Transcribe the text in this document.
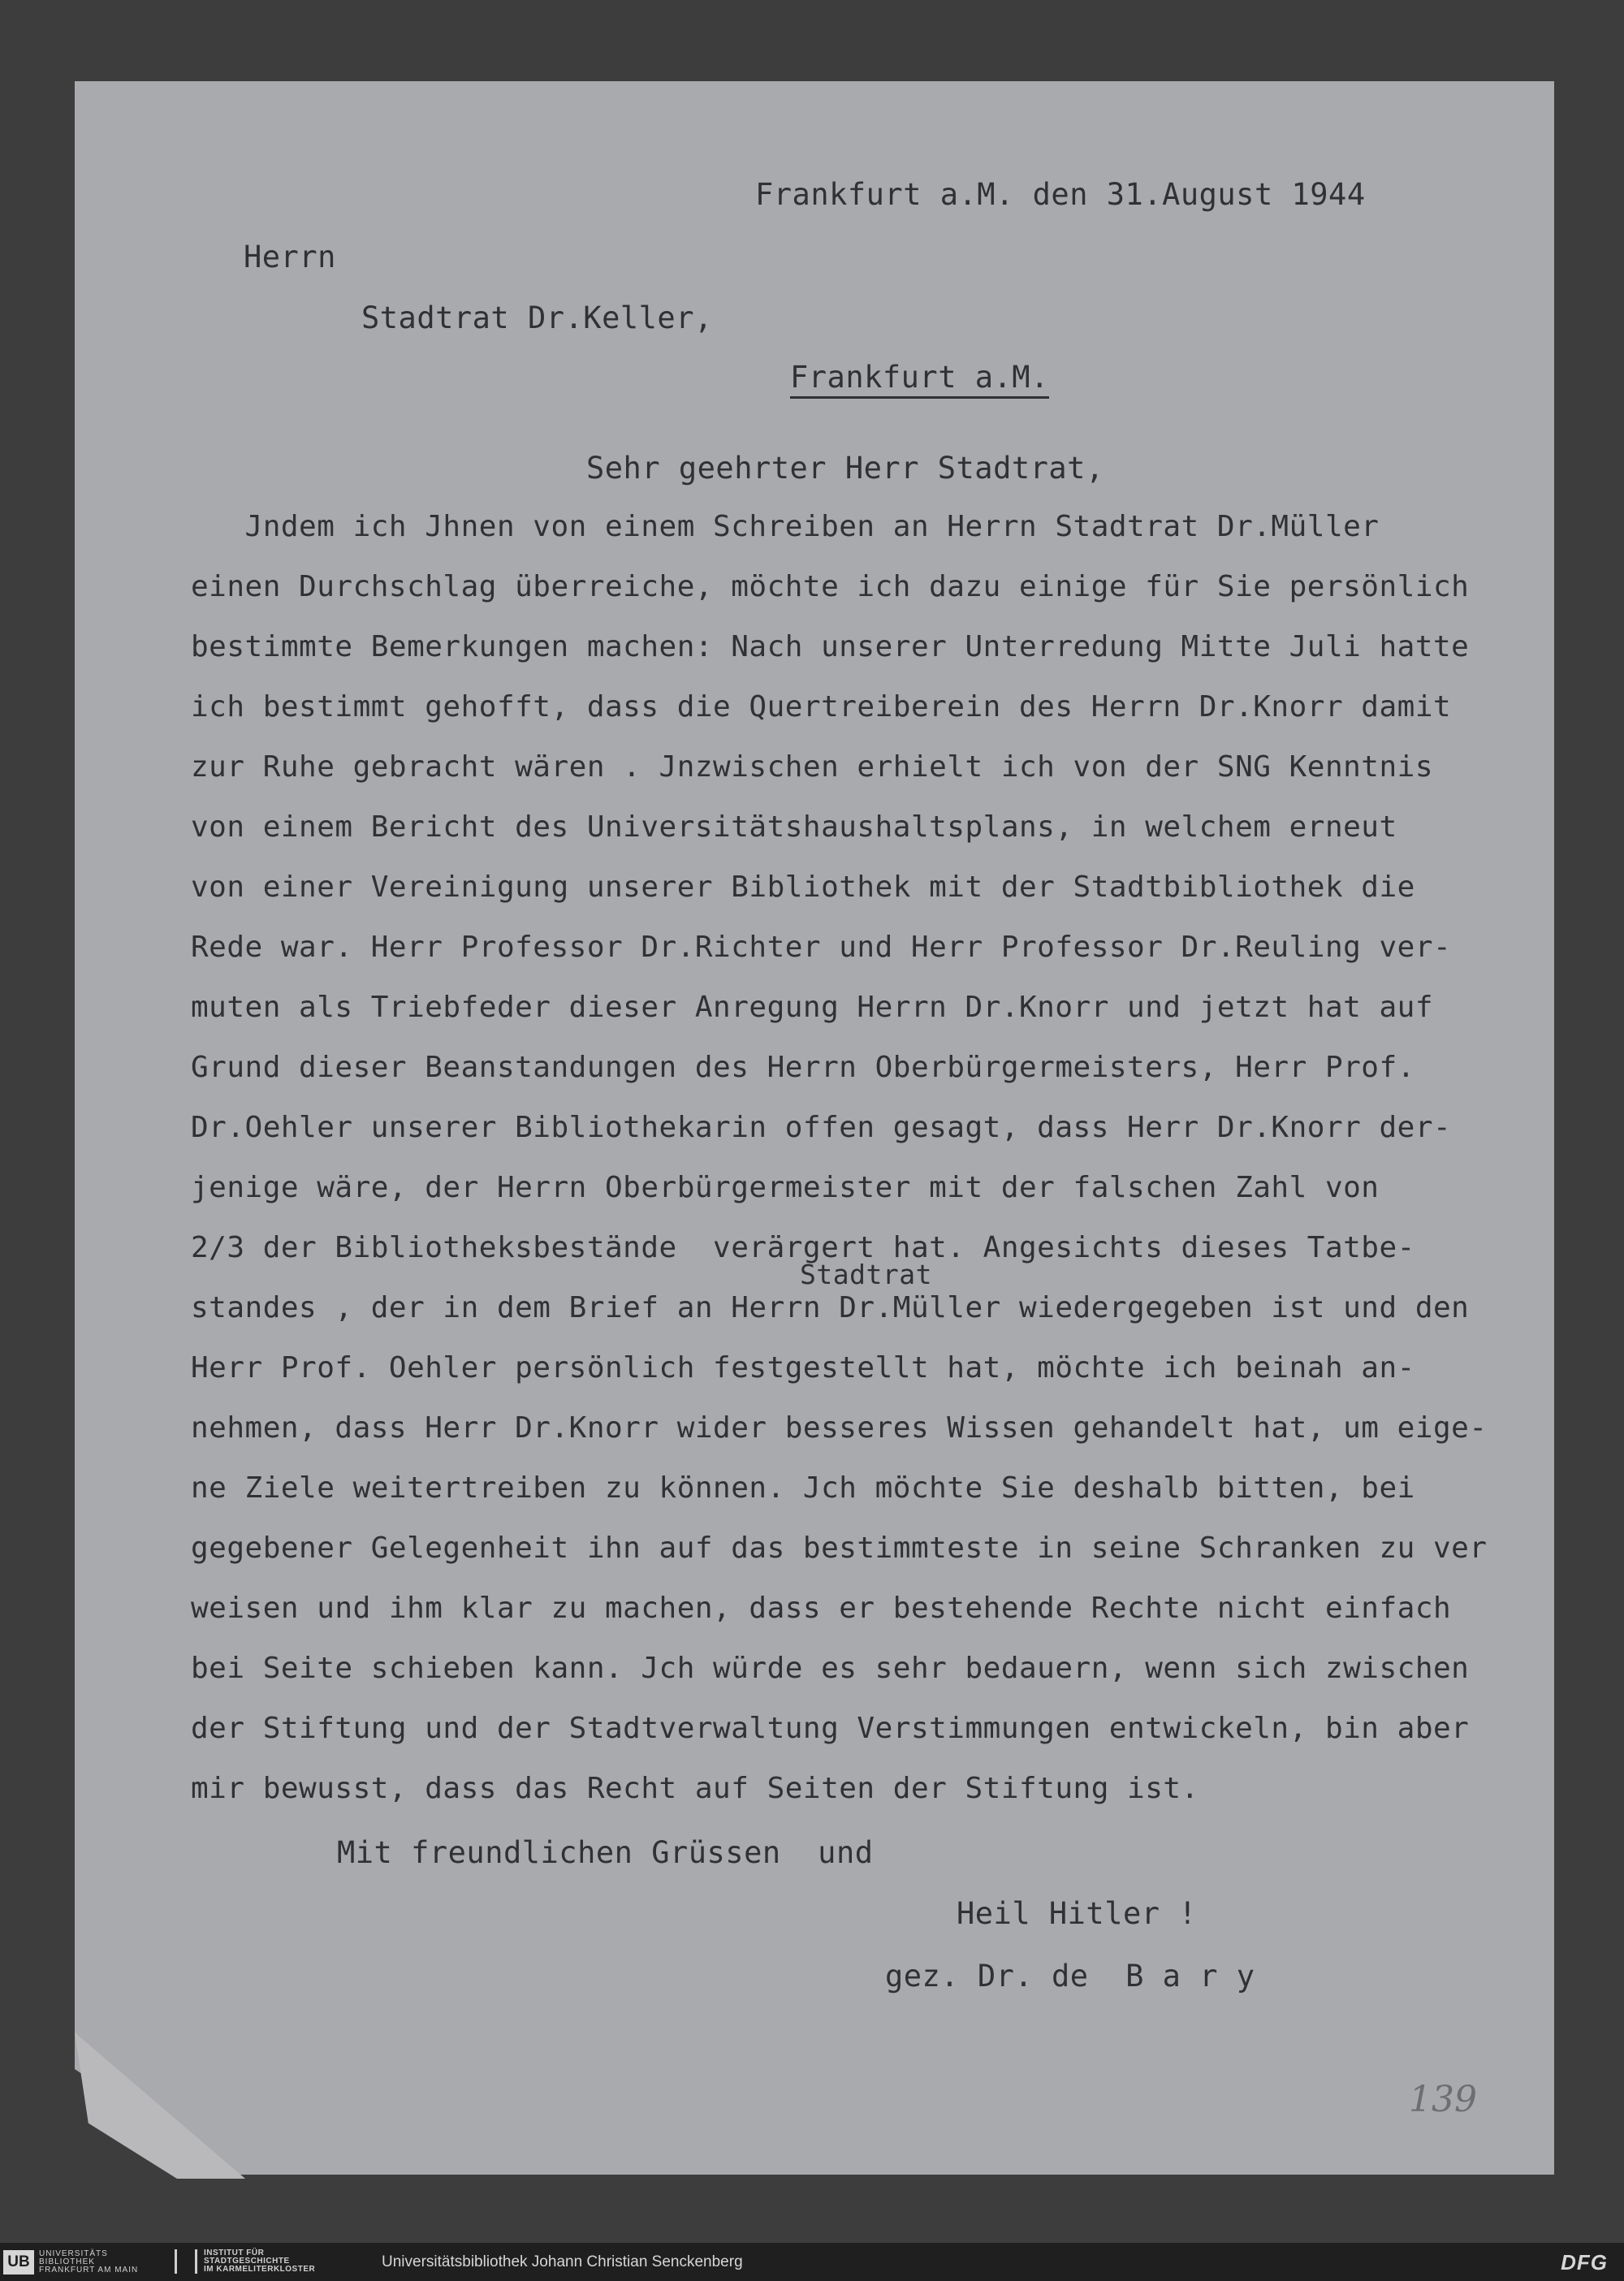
Frankfurt a.M. den 31.August 1944
Herrn
Stadtrat Dr.Keller,
Frankfurt a.M.
Sehr geehrter Herr Stadtrat,
Jndem ich Jhnen von einem Schreiben an Herrn Stadtrat Dr.Müller
einen Durchschlag überreiche, möchte ich dazu einige für Sie persönlich
bestimmte Bemerkungen machen: Nach unserer Unterredung Mitte Juli hatte
ich bestimmt gehofft, dass die Quertreiberein des Herrn Dr.Knorr damit
zur Ruhe gebracht wären . Jnzwischen erhielt ich von der SNG Kenntnis
von einem Bericht des Universitätshaushaltsplans, in welchem erneut
von einer Vereinigung unserer Bibliothek mit der Stadtbibliothek die
Rede war. Herr Professor Dr.Richter und Herr Professor Dr.Reuling ver-
muten als Triebfeder dieser Anregung Herrn Dr.Knorr und jetzt hat auf
Grund dieser Beanstandungen des Herrn Oberbürgermeisters, Herr Prof.
Dr.Oehler unserer Bibliothekarin offen gesagt, dass Herr Dr.Knorr der-
jenige wäre, der Herrn Oberbürgermeister mit der falschen Zahl von
2/3 der Bibliotheksbestände  verärgert hat. Angesichts dieses Tatbe-
standes , der in dem Brief an Herrn Dr.Müller wiedergegeben ist und den
Herr Prof. Oehler persönlich festgestellt hat, möchte ich beinah an-
nehmen, dass Herr Dr.Knorr wider besseres Wissen gehandelt hat, um eige-
ne Ziele weitertreiben zu können. Jch möchte Sie deshalb bitten, bei
gegebener Gelegenheit ihn auf das bestimmteste in seine Schranken zu ver
weisen und ihm klar zu machen, dass er bestehende Rechte nicht einfach
bei Seite schieben kann. Jch würde es sehr bedauern, wenn sich zwischen
der Stiftung und der Stadtverwaltung Verstimmungen entwickeln, bin aber
mir bewusst, dass das Recht auf Seiten der Stiftung ist.
Stadtrat
Mit freundlichen Grüssen  und
Heil Hitler !
gez. Dr. de  B a r y
139
UB	UNIVERSITÄTS
BIBLIOTHEK
FRANKFURT AM MAIN
INSTITUT FÜR
STADTGESCHICHTE
IM KARMELITERKLOSTER	Universitätsbibliothek Johann Christian Senckenberg	DFG
